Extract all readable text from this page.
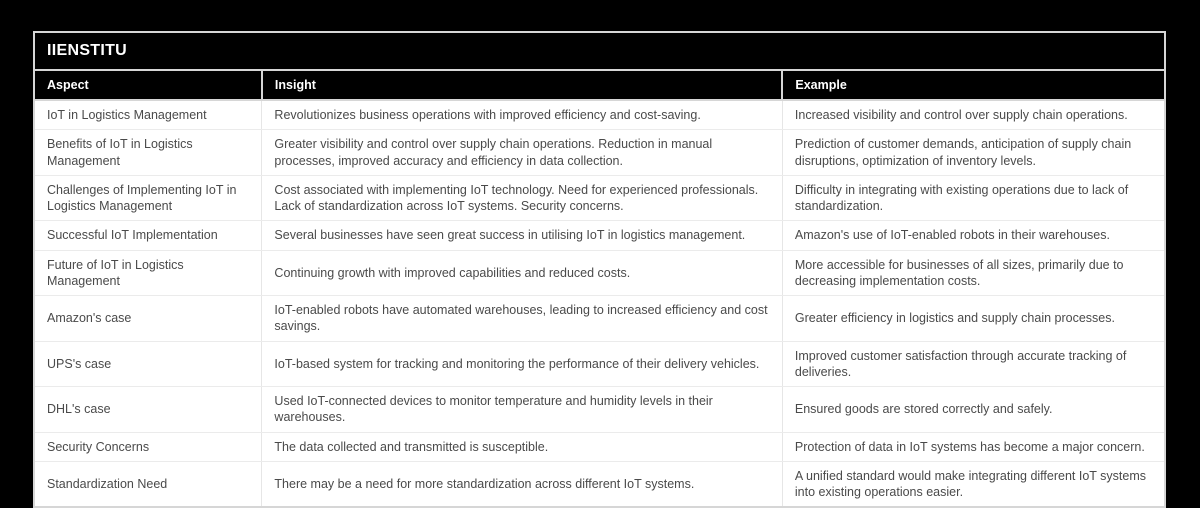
IIENSTITU
Aspect	Insight	Example
IoT in Logistics Management	Revolutionizes business operations with improved efficiency and cost-saving.	Increased visibility and control over supply chain operations.
Benefits of IoT in Logistics Management	Greater visibility and control over supply chain operations. Reduction in manual processes, improved accuracy and efficiency in data collection.	Prediction of customer demands, anticipation of supply chain disruptions, optimization of inventory levels.
Challenges of Implementing IoT in Logistics Management	Cost associated with implementing IoT technology. Need for experienced professionals. Lack of standardization across IoT systems. Security concerns.	Difficulty in integrating with existing operations due to lack of standardization.
Successful IoT Implementation	Several businesses have seen great success in utilising IoT in logistics management.	Amazon's use of IoT-enabled robots in their warehouses.
Future of IoT in Logistics Management	Continuing growth with improved capabilities and reduced costs.	More accessible for businesses of all sizes, primarily due to decreasing implementation costs.
Amazon's case	IoT-enabled robots have automated warehouses, leading to increased efficiency and cost savings.	Greater efficiency in logistics and supply chain processes.
UPS's case	IoT-based system for tracking and monitoring the performance of their delivery vehicles.	Improved customer satisfaction through accurate tracking of deliveries.
DHL's case	Used IoT-connected devices to monitor temperature and humidity levels in their warehouses.	Ensured goods are stored correctly and safely.
Security Concerns	The data collected and transmitted is susceptible.	Protection of data in IoT systems has become a major concern.
Standardization Need	There may be a need for more standardization across different IoT systems.	A unified standard would make integrating different IoT systems into existing operations easier.
